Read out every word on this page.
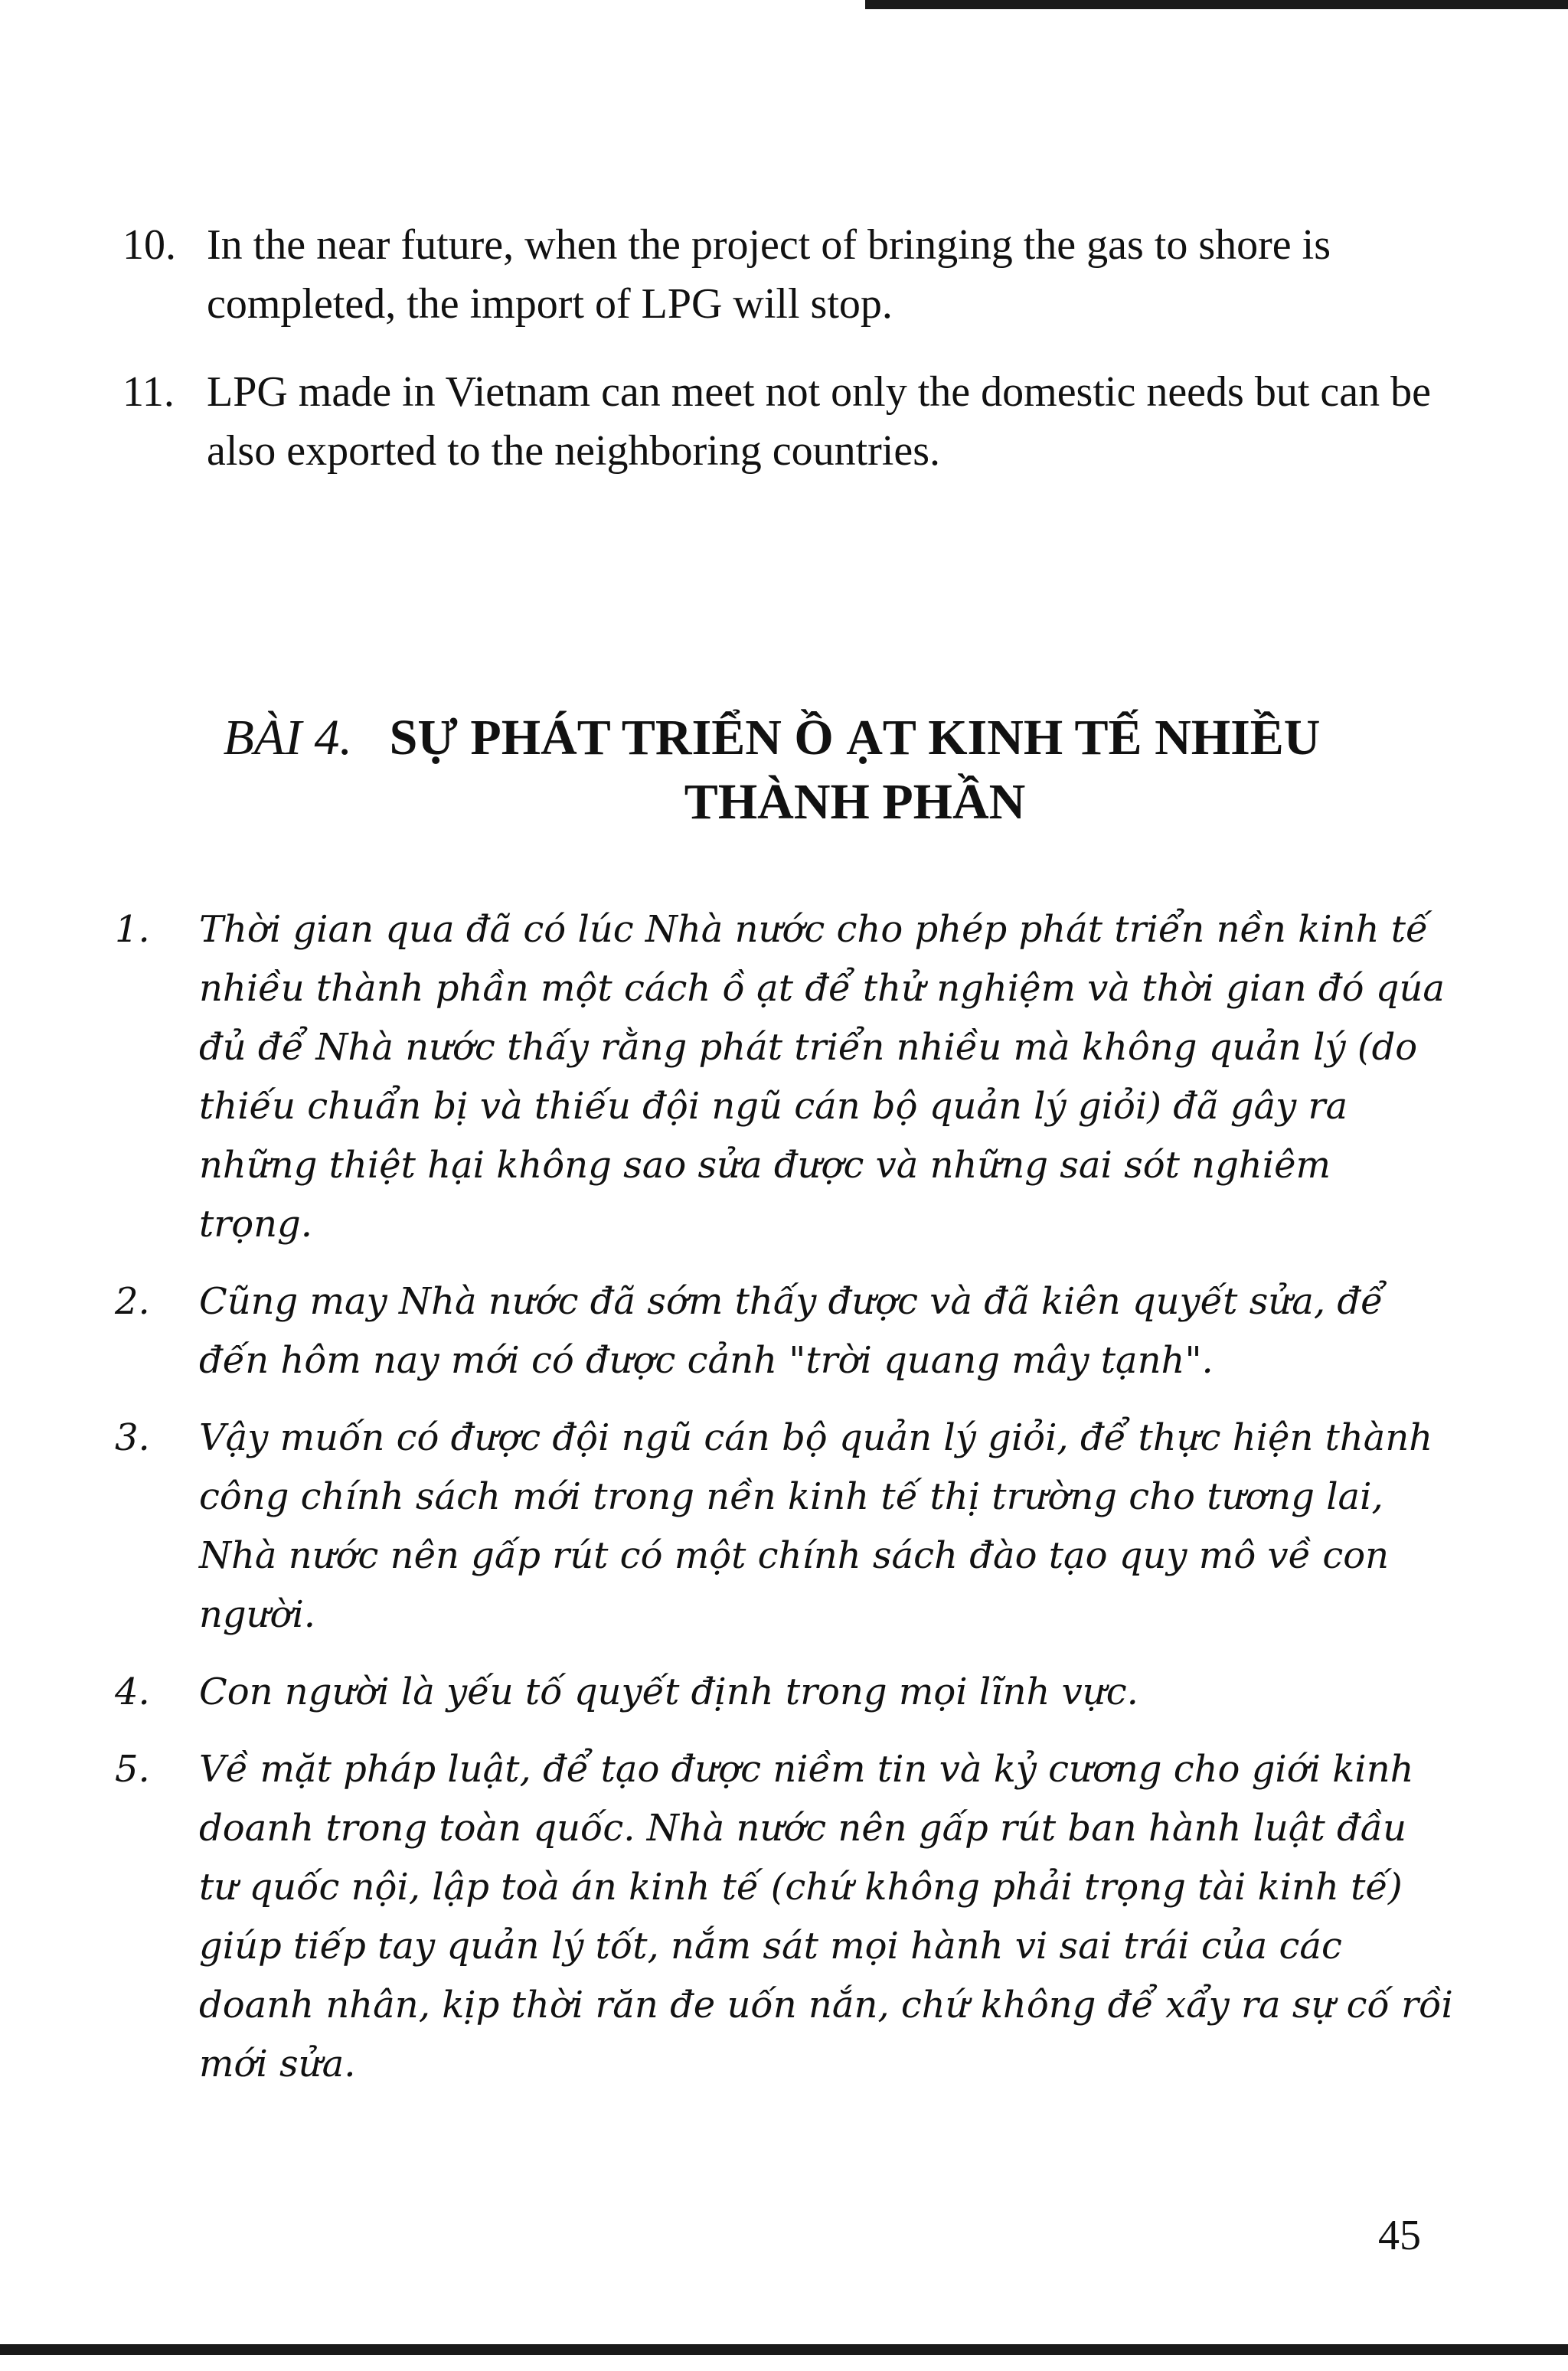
10. In the near future, when the project of bringing the gas to shore is completed, the import of LPG will stop.
11. LPG made in Vietnam can meet not only the domestic needs but can be also exported to the neighboring countries.
BÀI 4. SỰ PHÁT TRIỂN Ồ ẠT KINH TẾ NHIỀU THÀNH PHẦN
1. Thời gian qua đã có lúc Nhà nước cho phép phát triển nền kinh tế nhiều thành phần một cách ồ ạt để thử nghiệm và thời gian đó qúa đủ để Nhà nước thấy rằng phát triển nhiều mà không quản lý (do thiếu chuẩn bị và thiếu đội ngũ cán bộ quản lý giỏi) đã gây ra những thiệt hại không sao sửa được và những sai sót nghiêm trọng.
2. Cũng may Nhà nước đã sớm thấy được và đã kiên quyết sửa, để đến hôm nay mới có được cảnh "trời quang mây tạnh".
3. Vậy muốn có được đội ngũ cán bộ quản lý giỏi, để thực hiện thành công chính sách mới trong nền kinh tế thị trường cho tương lai, Nhà nước nên gấp rút có một chính sách đào tạo quy mô về con người.
4. Con người là yếu tố quyết định trong mọi lĩnh vực.
5. Về mặt pháp luật, để tạo được niềm tin và kỷ cương cho giới kinh doanh trong toàn quốc. Nhà nước nên gấp rút ban hành luật đầu tư quốc nội, lập toà án kinh tế (chứ không phải trọng tài kinh tế) giúp tiếp tay quản lý tốt, nắm sát mọi hành vi sai trái của các doanh nhân, kịp thời răn đe uốn nắn, chứ không để xẩy ra sự cố rồi mới sửa.
45
